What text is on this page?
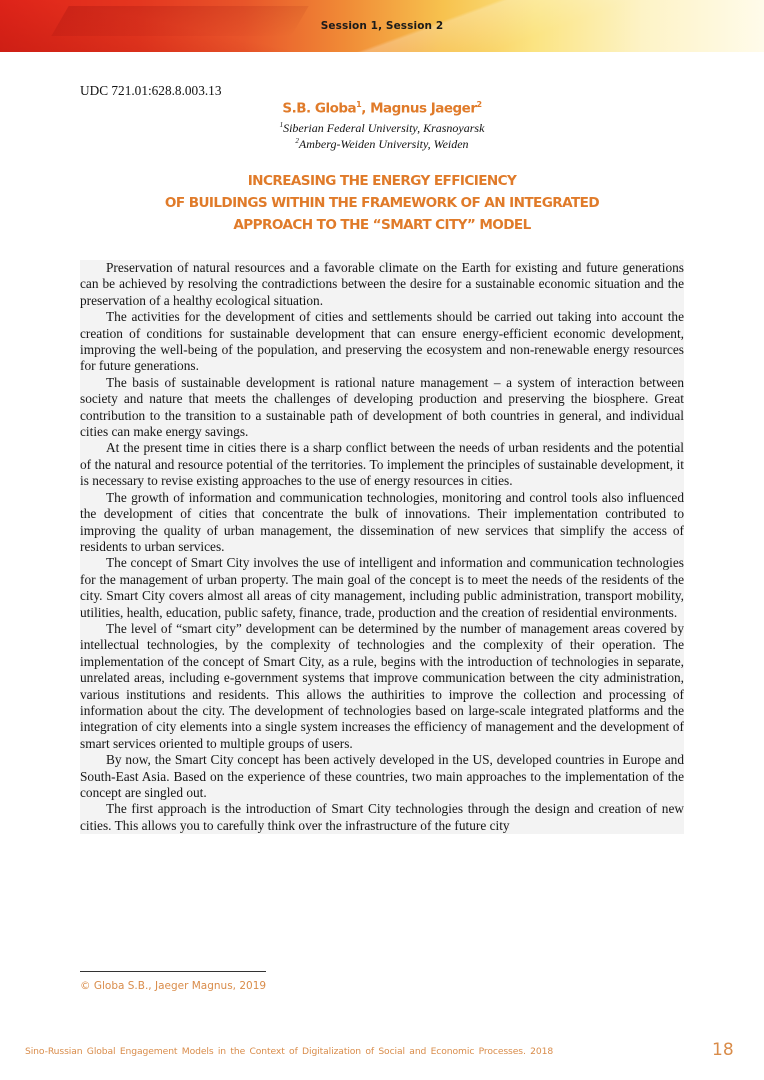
Session 1, Session 2
UDC 721.01:628.8.003.13
S.B. Globa$^1$, Magnus Jaeger$^2$
$^1$Siberian Federal University, Krasnoyarsk
$^2$Amberg-Weiden University, Weiden
INCREASING THE ENERGY EFFICIENCY
OF BUILDINGS WITHIN THE FRAMEWORK OF AN INTEGRATED
APPROACH TO THE “SMART CITY” MODEL

Preservation of natural resources and a favorable climate on the Earth for existing and future generations can be achieved by resolving the contradictions between the desire for a sustainable economic situation and the preservation of a healthy ecological situation.

The activities for the development of cities and settlements should be carried out taking into account the creation of conditions for sustainable development that can ensure energy-efficient economic development, improving the well-being of the population, and preserving the ecosystem and non-renewable energy resources for future generations.

The basis of sustainable development is rational nature management – a system of interaction between society and nature that meets the challenges of developing production and preserving the biosphere. Great contribution to the transition to a sustainable path of development of both countries in general, and individual cities can make energy savings.

At the present time in cities there is a sharp conflict between the needs of urban residents and the potential of the natural and resource potential of the territories. To implement the principles of sustainable development, it is necessary to revise existing approaches to the use of energy resources in cities.

The growth of information and communication technologies, monitoring and control tools also influenced the development of cities that concentrate the bulk of innovations. Their implementation contributed to improving the quality of urban management, the dissemination of new services that simplify the access of residents to urban services.

The concept of Smart City involves the use of intelligent and information and communication technologies for the management of urban property. The main goal of the concept is to meet the needs of the residents of the city. Smart City covers almost all areas of city management, including public administration, transport mobility, utilities, health, education, public safety, finance, trade, production and the creation of residential environments.

The level of “smart city” development can be determined by the number of management areas covered by intellectual technologies, by the complexity of technologies and the complexity of their operation. The implementation of the concept of Smart City, as a rule, begins with the introduction of technologies in separate, unrelated areas, including e-government systems that improve communication between the city administration, various institutions and residents. This allows the authirities to improve the collection and processing of information about the city. The development of technologies based on large-scale integrated platforms and the integration of city elements into a single system increases the efficiency of management and the development of smart services oriented to multiple groups of users.

By now, the Smart City concept has been actively developed in the US, developed countries in Europe and South-East Asia. Based on the experience of these countries, two main approaches to the implementation of the concept are singled out.

The first approach is the introduction of Smart City technologies through the design and creation of new cities. This allows you to carefully think over the infrastructure of the future city

© Globa S.B., Jaeger Magnus, 2019
Sino-Russian Global Engagement Models in the Context of Digitalization of Social and Economic Processes. 2018	18
